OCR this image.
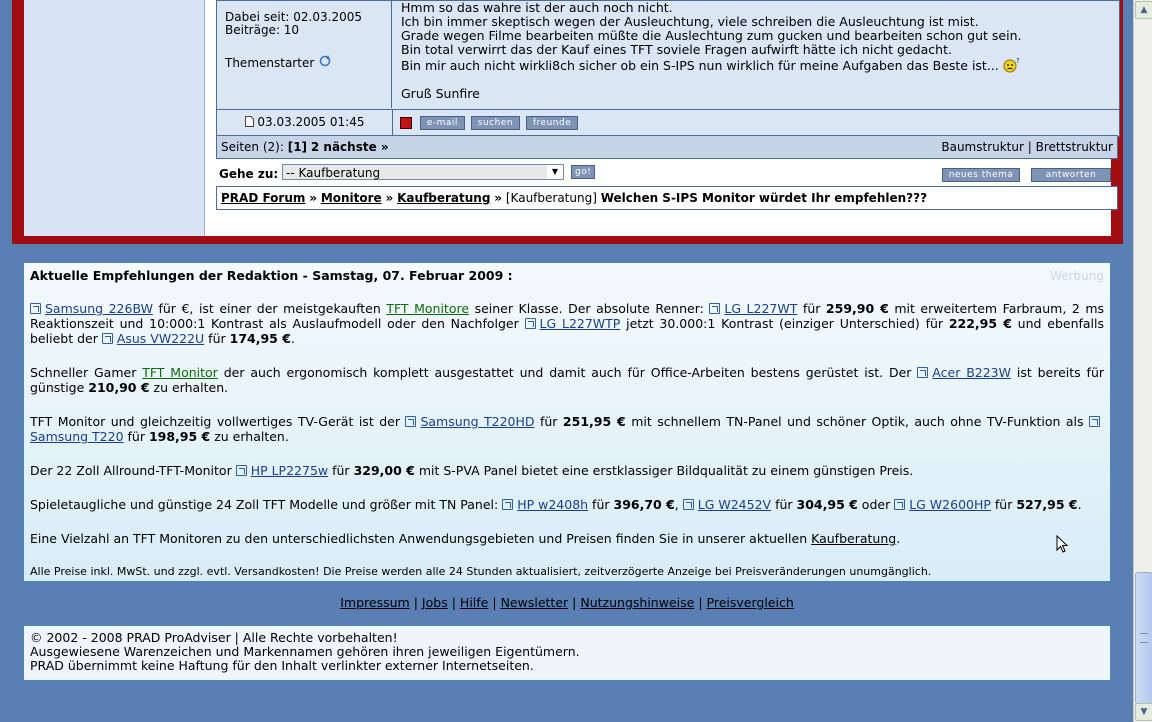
Dabei seit: 02.03.2005
Beiträge: 10
Themenstarter
Hmm so das wahre ist der auch noch nicht.
Ich bin immer skeptisch wegen der Ausleuchtung, viele schreiben die Ausleuchtung ist mist.
Grade wegen Filme bearbeiten müßte die Auslechtung zum gucken und bearbeiten schon gut sein.
Bin total verwirrt das der Kauf eines TFT soviele Fragen aufwirft hätte ich nicht gedacht.
Bin mir auch nicht wirkli8ch sicher ob ein S-IPS nun wirklich für meine Aufgaben das Beste ist... ?
Gruß Sunfire
03.03.2005 01:45	e-mail suchen freunde
Seiten (2): [1] 2 nächste »	Baumstruktur | Brettstruktur
Gehe zu: -- Kaufberatung	▼	go!	neues thema	antworten
PRAD Forum » Monitore » Kaufberatung » [Kaufberatung] Welchen S-IPS Monitor würdet Ihr empfehlen???
Werbung

Aktuelle Empfehlungen der Redaktion - Samstag, 07. Februar 2009 :

Samsung 226BW für €, ist einer der meistgekauften TFT Monitore seiner Klasse. Der absolute Renner: LG L227WT für 259,90 € mit erweitertem Farbraum, 2 ms Reaktionszeit und 10:000:1 Kontrast als Auslaufmodell oder den Nachfolger LG L227WTP jetzt 30.000:1 Kontrast (einziger Unterschied) für 222,95 € und ebenfalls beliebt der Asus VW222U für 174,95 €.

Schneller Gamer TFT Monitor der auch ergonomisch komplett ausgestattet und damit auch für Office-Arbeiten bestens gerüstet ist. Der Acer B223W ist bereits für günstige 210,90 € zu erhalten.

TFT Monitor und gleichzeitig vollwertiges TV-Gerät ist der Samsung T220HD für 251,95 € mit schnellem TN-Panel und schöner Optik, auch ohne TV-Funktion als Samsung T220 für 198,95 € zu erhalten.

Der 22 Zoll Allround-TFT-Monitor HP LP2275w für 329,00 € mit S-PVA Panel bietet eine erstklassiger Bildqualität zu einem günstigen Preis.

Spieletaugliche und günstige 24 Zoll TFT Modelle und größer mit TN Panel: HP w2408h für 396,70 €, LG W2452V für 304,95 € oder LG W2600HP für 527,95 €.

Eine Vielzahl an TFT Monitoren zu den unterschiedlichsten Anwendungsgebieten und Preisen finden Sie in unserer aktuellen Kaufberatung.

Alle Preise inkl. MwSt. und zzgl. evtl. Versandkosten! Die Preise werden alle 24 Stunden aktualisiert, zeitverzögerte Anzeige bei Preisveränderungen unumgänglich.

Impressum | Jobs | Hilfe | Newsletter | Nutzungshinweise | Preisvergleich
© 2002 - 2008 PRAD ProAdviser | Alle Rechte vorbehalten!
Ausgewiesene Warenzeichen und Markennamen gehören ihren jeweiligen Eigentümern.
PRAD übernimmt keine Haftung für den Inhalt verlinkter externer Internetseiten.
▲
▼
